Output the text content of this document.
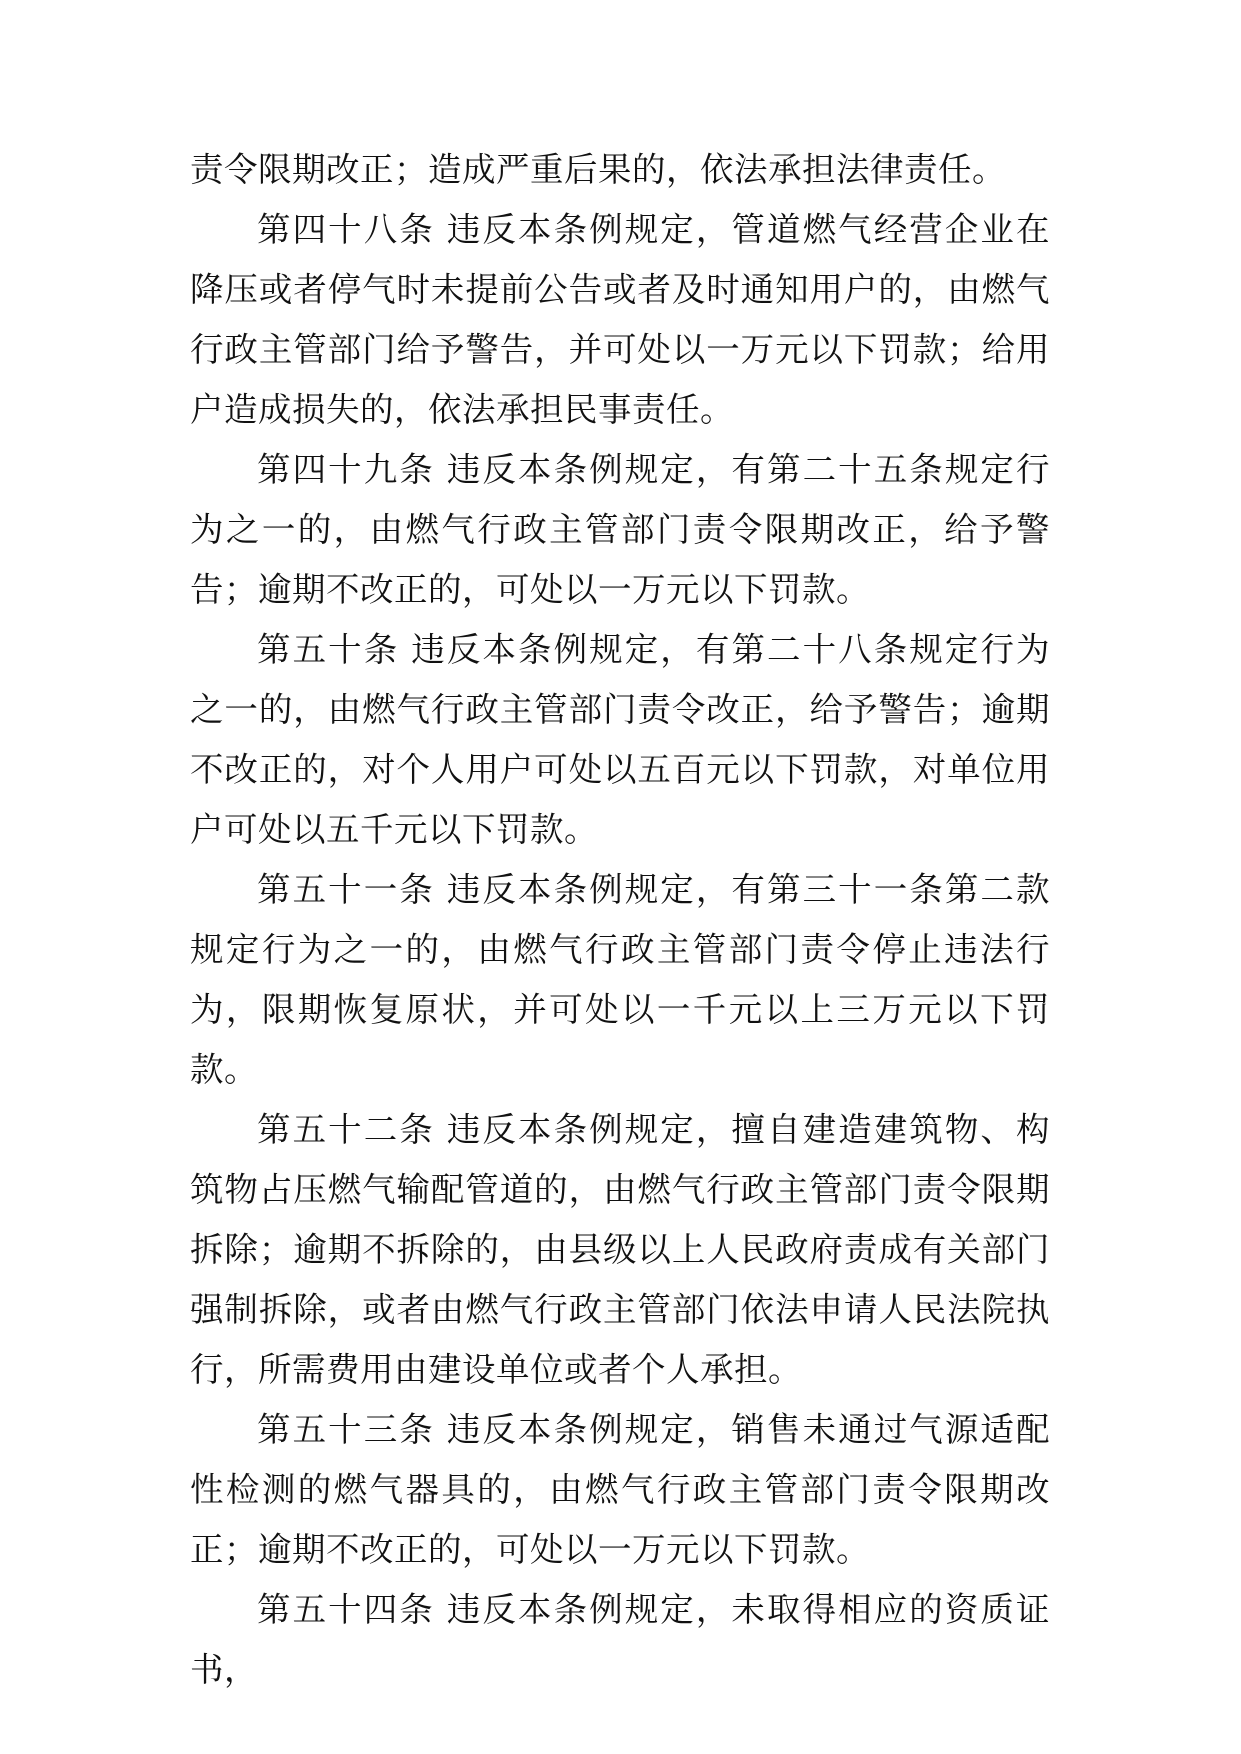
责令限期改正；造成严重后果的，依法承担法律责任。

第四十八条 违反本条例规定，管道燃气经营企业在降压或者停气时未提前公告或者及时通知用户的，由燃气行政主管部门给予警告，并可处以一万元以下罚款；给用户造成损失的，依法承担民事责任。

第四十九条 违反本条例规定，有第二十五条规定行为之一的，由燃气行政主管部门责令限期改正，给予警告；逾期不改正的，可处以一万元以下罚款。

第五十条 违反本条例规定，有第二十八条规定行为之一的，由燃气行政主管部门责令改正，给予警告；逾期不改正的，对个人用户可处以五百元以下罚款，对单位用户可处以五千元以下罚款。

第五十一条 违反本条例规定，有第三十一条第二款规定行为之一的，由燃气行政主管部门责令停止违法行为，限期恢复原状，并可处以一千元以上三万元以下罚款。

第五十二条 违反本条例规定，擅自建造建筑物、构筑物占压燃气输配管道的，由燃气行政主管部门责令限期拆除；逾期不拆除的，由县级以上人民政府责成有关部门强制拆除，或者由燃气行政主管部门依法申请人民法院执行，所需费用由建设单位或者个人承担。

第五十三条 违反本条例规定，销售未通过气源适配性检测的燃气器具的，由燃气行政主管部门责令限期改正；逾期不改正的，可处以一万元以下罚款。

第五十四条 违反本条例规定，未取得相应的资质证书，
